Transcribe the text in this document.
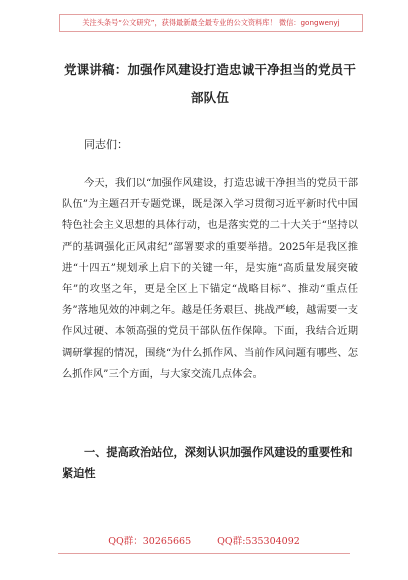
关注头条号“公文研究”，获得最新最全最专业的公文资料库！ 微信：gongwenyj
党课讲稿：加强作风建设打造忠诚干净担当的党员干部队伍
同志们：

今天，我们以“加强作风建设，打造忠诚干净担当的党员干部队伍”为主题召开专题党课，既是深入学习贯彻习近平新时代中国特色社会主义思想的具体行动，也是落实党的二十大关于“坚持以严的基调强化正风肃纪”部署要求的重要举措。2025年是我区推进“十四五”规划承上启下的关键一年，是实施“高质量发展突破年”的攻坚之年，更是全区上下锚定“战略目标”、推动“重点任务”落地见效的冲刺之年。越是任务艰巨、挑战严峻，越需要一支作风过硬、本领高强的党员干部队伍作保障。下面，我结合近期调研掌握的情况，围绕“为什么抓作风、当前作风问题有哪些、怎么抓作风”三个方面，与大家交流几点体会。

一、提高政治站位，深刻认识加强作风建设的重要性和紧迫性

QQ群：30265665	QQ群:535304092
